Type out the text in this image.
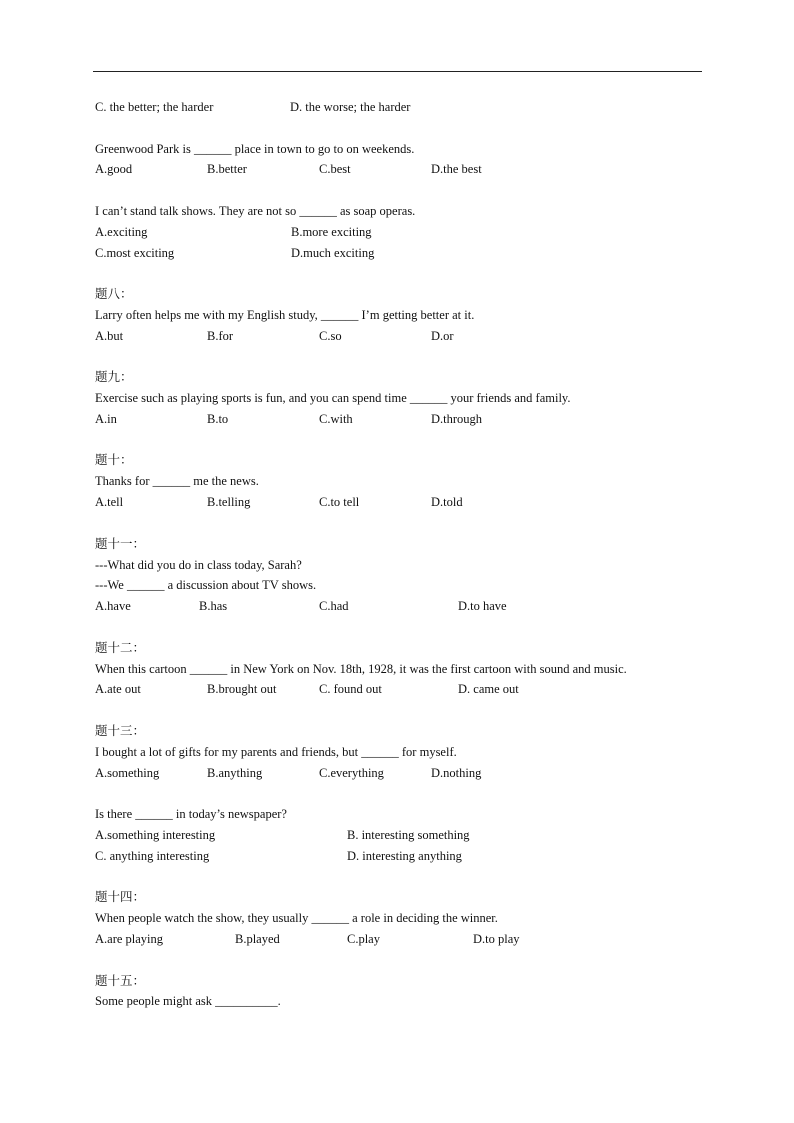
C. the better; the harder	D. the worse; the harder
Greenwood Park is ______ place in town to go to on weekends.
A.good	B.better	C.best	D.the best
I can’t stand talk shows. They are not so ______ as soap operas.
A.exciting	B.more exciting
C.most exciting	D.much exciting
题八：
Larry often helps me with my English study, ______ I’m getting better at it.
A.but	B.for	C.so	D.or
题九：
Exercise such as playing sports is fun, and you can spend time ______ your friends and family.
A.in	B.to	C.with	D.through
题十：
Thanks for ______ me the news.
A.tell	B.telling	C.to tell	D.told
题十一：
---What did you do in class today, Sarah?
---We ______ a discussion about TV shows.
A.have	B.has	C.had	D.to have
题十二：
When this cartoon ______ in New York on Nov. 18th, 1928, it was the first cartoon with sound and music.
A.ate out	B.brought out	C. found out	D. came out
题十三：
I bought a lot of gifts for my parents and friends, but ______ for myself.
A.something	B.anything	C.everything	D.nothing
Is there ______ in today’s newspaper?
A.something interesting	B. interesting something
C. anything interesting	D. interesting anything
题十四：
When people watch the show, they usually ______ a role in deciding the winner.
A.are playing	B.played	C.play	D.to play
题十五：
Some people might ask __________.
